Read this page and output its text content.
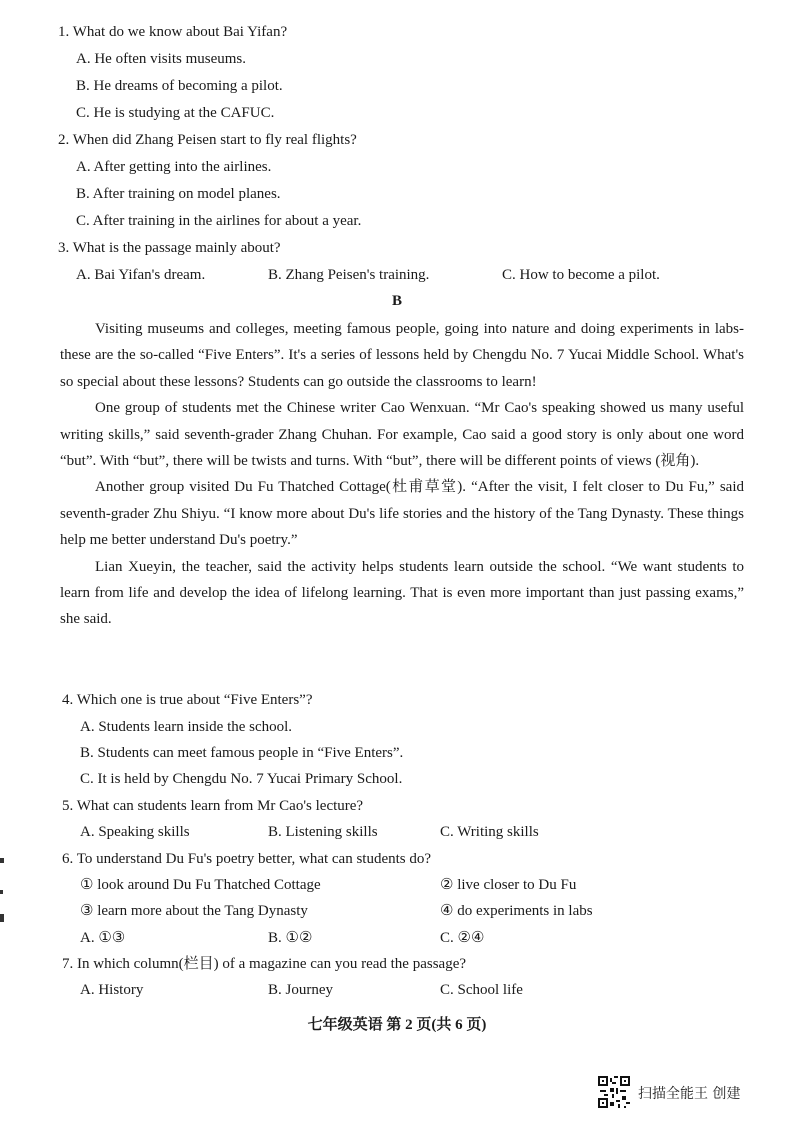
1. What do we know about Bai Yifan?
A. He often visits museums.
B. He dreams of becoming a pilot.
C. He is studying at the CAFUC.
2. When did Zhang Peisen start to fly real flights?
A. After getting into the airlines.
B. After training on model planes.
C. After training in the airlines for about a year.
3. What is the passage mainly about?
A. Bai Yifan's dream.	B. Zhang Peisen's training.	C. How to become a pilot.
B

Visiting museums and colleges, meeting famous people, going into nature and doing experiments in labs-these are the so-called “Five Enters”. It's a series of lessons held by Chengdu No. 7 Yucai Middle School. What's so special about these lessons? Students can go outside the classrooms to learn!

One group of students met the Chinese writer Cao Wenxuan. “Mr Cao's speaking showed us many useful writing skills,” said seventh-grader Zhang Chuhan. For example, Cao said a good story is only about one word “but”. With “but”, there will be twists and turns. With “but”, there will be different points of views (视角).

Another group visited Du Fu Thatched Cottage(杜甫草堂). “After the visit, I felt closer to Du Fu,” said seventh-grader Zhu Shiyu. “I know more about Du's life stories and the history of the Tang Dynasty. These things help me better understand Du's poetry.”

Lian Xueyin, the teacher, said the activity helps students learn outside the school. “We want students to learn from life and develop the idea of lifelong learning. That is even more important than just passing exams,” she said.

4. Which one is true about “Five Enters”?
A. Students learn inside the school.
B. Students can meet famous people in “Five Enters”.
C. It is held by Chengdu No. 7 Yucai Primary School.
5. What can students learn from Mr Cao's lecture?
A. Speaking skills	B. Listening skills	C. Writing skills
6. To understand Du Fu's poetry better, what can students do?
① look around Du Fu Thatched Cottage	② live closer to Du Fu
③ learn more about the Tang Dynasty	④ do experiments in labs
A. ①③	B. ①②	C. ②④
7. In which column(栏目) of a magazine can you read the passage?
A. History	B. Journey	C. School life
七年级英语 第 2 页(共 6 页)
扫描全能王 创建
